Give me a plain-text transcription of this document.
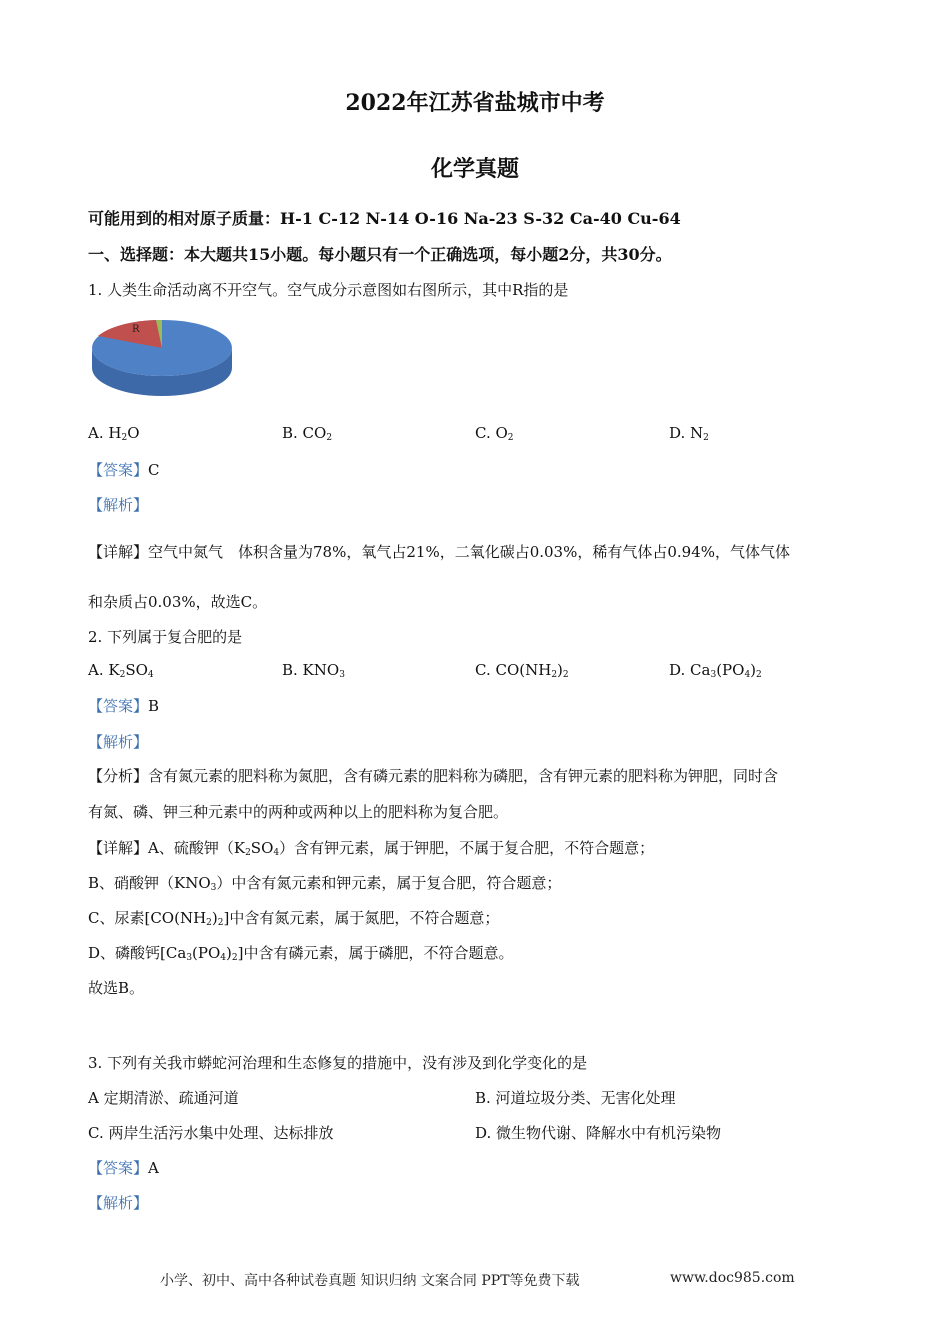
2022年江苏省盐城市中考
化学真题
可能用到的相对原子质量：H-1 C-12 N-14 O-16 Na-23 S-32 Ca-40 Cu-64
一、选择题：本大题共15小题。每小题只有一个正确选项，每小题2分，共30分。
1. 人类生命活动离不开空气。空气成分示意图如右图所示，其中R指的是
R
A. $H_2O$	B. $CO_2$	C. $O_2$	D. $N_2$
【答案】C
【解析】
【详解】空气中氮气　体积含量为78%，氧气占21%，二氧化碳占0.03%，稀有气体占0.94%，气体气体
和杂质占0.03%，故选C。
2. 下列属于复合肥的是
A. $K_2SO_4$	B. $KNO_3$	C. $CO(NH_2)_2$	D. $Ca_3(PO_4)_2$
【答案】B
【解析】
【分析】含有氮元素的肥料称为氮肥，含有磷元素的肥料称为磷肥，含有钾元素的肥料称为钾肥，同时含
有氮、磷、钾三种元素中的两种或两种以上的肥料称为复合肥。
【详解】A、硫酸钾$(K_2SO_4)$含有钾元素，属于钾肥，不属于复合肥，不符合题意；
B、硝酸钾$(KNO_3)$中含有氮元素和钾元素，属于复合肥，符合题意；
C、尿素$[CO(NH_2)_2]$中含有氮元素，属于氮肥，不符合题意；
D、磷酸钙$[Ca_3(PO_4)_2]$中含有磷元素，属于磷肥，不符合题意。
故选B。
3. 下列有关我市蟒蛇河治理和生态修复的措施中，没有涉及到化学变化的是
A 定期清淤、疏通河道	B. 河道垃圾分类、无害化处理
C. 两岸生活污水集中处理、达标排放	D. 微生物代谢、降解水中有机污染物
【答案】A
【解析】
小学、初中、高中各种试卷真题 知识归纳 文案合同 PPT等免费下载	www.doc985.com
